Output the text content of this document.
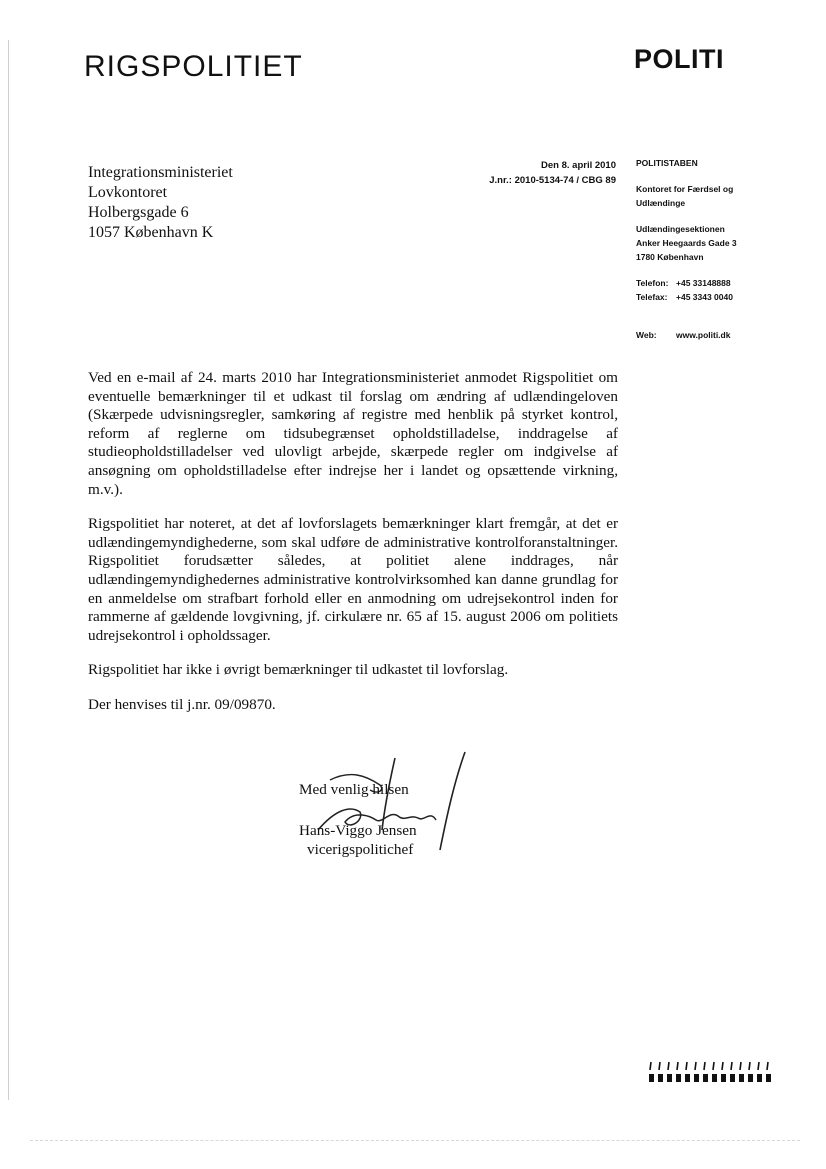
RIGSPOLITIET	POLITI
Integrationsministeriet
Lovkontoret
Holbergsgade 6
1057 København K
Den 8. april 2010
J.nr.: 2010-5134-74 / CBG 89
POLITISTABEN
Kontoret for Færdsel og
Udlændinge
Udlændingesektionen
Anker Heegaards Gade 3
1780 København
Telefon: +45 33148888
Telefax:	+45 3343 0040
Web:	www.politi.dk

Ved en e-mail af 24. marts 2010 har Integrationsministeriet anmodet Rigspolitiet om eventuelle bemærkninger til et udkast til forslag om ændring af udlændingeloven (Skærpede udvisningsregler, samkøring af registre med henblik på styrket kontrol, reform af reglerne om tidsubegrænset opholdstilladelse, inddragelse af studieopholdstilladelser ved ulovligt arbejde, skærpede regler om indgivelse af ansøgning om opholdstilladelse efter indrejse her i landet og opsættende virkning, m.v.).

Rigspolitiet har noteret, at det af lovforslagets bemærkninger klart fremgår, at det er udlændingemyndighederne, som skal udføre de administrative kontrolforanstaltninger. Rigspolitiet forudsætter således, at politiet alene inddrages, når udlændingemyndighedernes administrative kontrolvirksomhed kan danne grundlag for en anmeldelse om strafbart forhold eller en anmodning om udrejsekontrol inden for rammerne af gældende lovgivning, jf. cirkulære nr. 65 af 15. august 2006 om politiets udrejsekontrol i opholdssager.

Rigspolitiet har ikke i øvrigt bemærkninger til udkastet til lovforslag.

Der henvises til j.nr. 09/09870.

Med venlig hilsen
Hans-Viggo Jensen
vicerigspolitichef
